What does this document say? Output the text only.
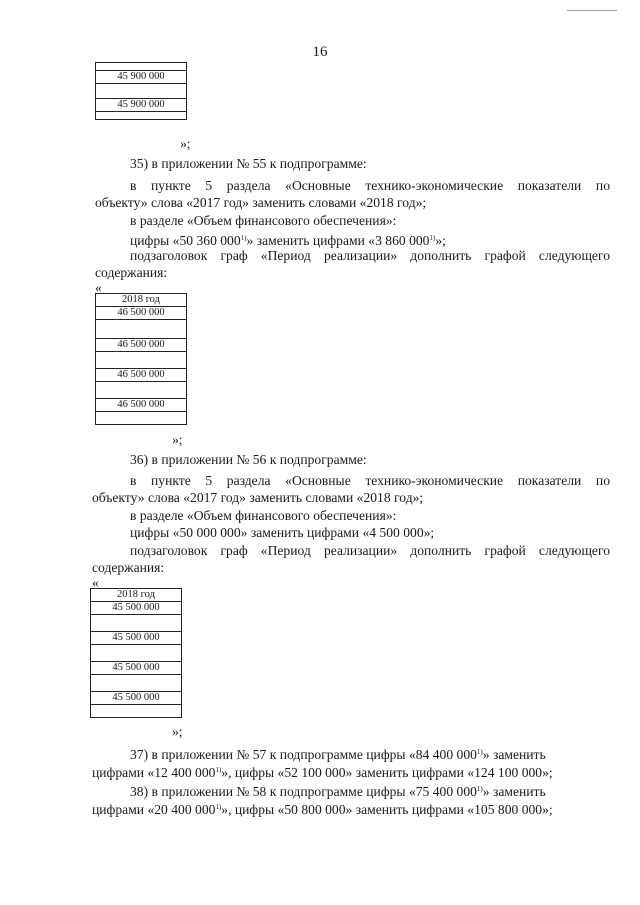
16

45 900 000

45 900 000

»;
35) в приложении № 55 к подпрограмме:
в пункте 5 раздела «Основные технико-экономические показатели по
объекту» слова «2017 год» заменить словами «2018 год»;
в разделе «Объем финансового обеспечения»:
цифры «50 360 000$^{1)}$» заменить цифрами «3 860 000$^{1)}$»;
подзаголовок граф «Период реализации» дополнить графой следующего
содержания:
«
2018 год
46 500 000

46 500 000

46 500 000

46 500 000

»;
36) в приложении № 56 к подпрограмме:
в пункте 5 раздела «Основные технико-экономические показатели по
объекту» слова «2017 год» заменить словами «2018 год»;
в разделе «Объем финансового обеспечения»:
цифры «50 000 000» заменить цифрами «4 500 000»;
подзаголовок граф «Период реализации» дополнить графой следующего
содержания:
«
2018 год
45 500 000

45 500 000

45 500 000

45 500 000

»;
37) в приложении № 57 к подпрограмме цифры «84 400 000$^{1)}$» заменить
цифрами «12 400 000$^{1)}$», цифры «52 100 000» заменить цифрами «124 100 000»;
38) в приложении № 58 к подпрограмме цифры «75 400 000$^{1)}$» заменить
цифрами «20 400 000$^{1)}$», цифры «50 800 000» заменить цифрами «105 800 000»;
